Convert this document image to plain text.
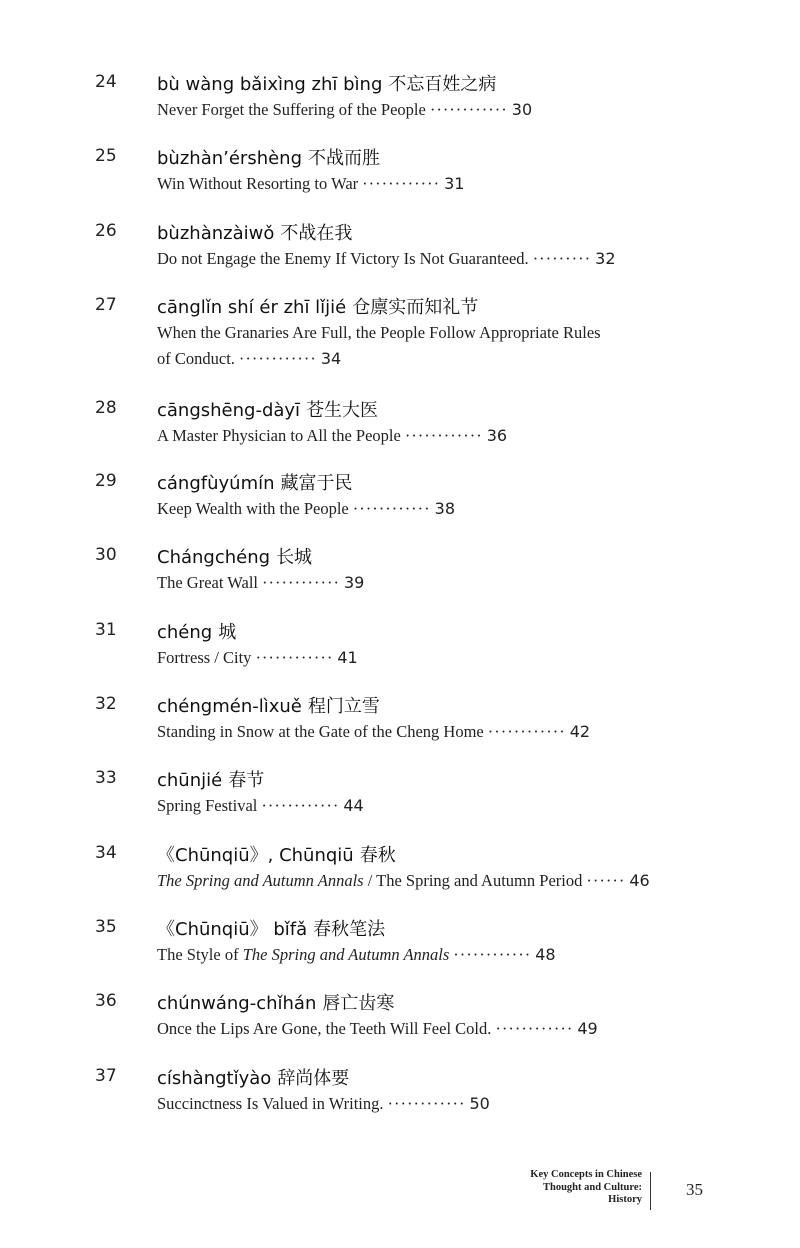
24 bù wàng bǎixìng zhī bìng 不忘百姓之病
Never Forget the Suffering of the People ············ 30
25 bùzhàn’érshèng 不战而胜
Win Without Resorting to War ············ 31
26 bùzhànzàiwǒ 不战在我
Do not Engage the Enemy If Victory Is Not Guaranteed. ········· 32
27 cānglǐn shí ér zhī lǐjié 仓廪实而知礼节
When the Granaries Are Full, the People Follow Appropriate Rules
of Conduct. ············ 34
28 cāngshēng-dàyī 苍生大医
A Master Physician to All the People ············ 36
29 cángfùyúmín 藏富于民
Keep Wealth with the People ············ 38
30 Chángchéng 长城
The Great Wall ············ 39
31 chéng 城
Fortress / City ············ 41
32 chéngmén-lìxuě 程门立雪
Standing in Snow at the Gate of the Cheng Home ············ 42
33 chūnjié 春节
Spring Festival ············ 44
34 《Chūnqiū》, Chūnqiū 春秋
The Spring and Autumn Annals / The Spring and Autumn Period ······ 46
35 《Chūnqiū》 bǐfǎ 春秋笔法
The Style of The Spring and Autumn Annals ············ 48
36 chúnwáng-chǐhán 唇亡齿寒
Once the Lips Are Gone, the Teeth Will Feel Cold. ············ 49
37 císhàngtǐyào 辞尚体要
Succinctness Is Valued in Writing. ············ 50
Key Concepts in Chinese
Thought and Culture:
History
35
